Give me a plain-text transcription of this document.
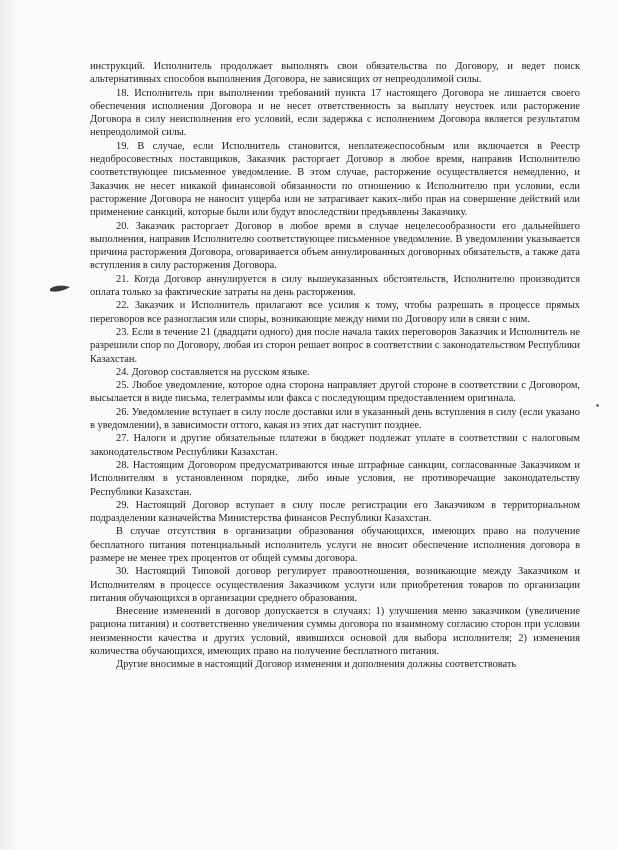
инструкций. Исполнитель продолжает выполнять свои обязательства по Договору, и ведет поиск альтернативных способов выполнения Договора, не зависящих от непреодолимой силы.

18. Исполнитель при выполнении требований пункта 17 настоящего Договора не лишается своего обеспечения исполнения Договора и не несет ответственность за выплату неустоек или расторжение Договора в силу неисполнения его условий, если задержка с исполнением Договора является результатом непреодолимой силы.

19. В случае, если Исполнитель становится, неплатежеспособным или включается в Реестр недобросовестных поставщиков, Заказчик расторгает Договор в любое время, направив Исполнителю соответствующее письменное уведомление. В этом случае, расторжение осуществляется немедленно, и Заказчик не несет никакой финансовой обязанности по отношению к Исполнителю при условии, если расторжение Договора не наносит ущерба или не затрагивает каких-либо прав на совершение действий или применение санкций, которые были или будут впоследствии предъявлены Заказчику.

20. Заказчик расторгает Договор в любое время в случае нецелесообразности его дальнейшего выполнения, направив Исполнителю соответствующее письменное уведомление. В уведомлении указывается причина расторжения Договора, оговаривается объем аннулированных договорных обязательств, а также дата вступления в силу расторжения Договора.

21. Когда Договор аннулируется в силу вышеуказанных обстоятельств, Исполнителю производится оплата только за фактические затраты на день расторжения.

22. Заказчик и Исполнитель прилагают все усилия к тому, чтобы разрешать в процессе прямых переговоров все разногласия или споры, возникающие между ними по Договору или в связи с ним.

23. Если в течение 21 (двадцати одного) дня после начала таких переговоров Заказчик и Исполнитель не разрешили спор по Договору, любая из сторон решает вопрос в соответствии с законодательством Республики Казахстан.

24. Договор составляется на русском языке.

25. Любое уведомление, которое одна сторона направляет другой стороне в соответствии с Договором, высылается в виде письма, телеграммы или факса с последующим предоставлением оригинала.

26. Уведомление вступает в силу после доставки или в указанный день вступления в силу (если указано в уведомлении), в зависимости оттого, какая из этих дат наступит позднее.

27. Налоги и другие обязательные платежи в бюджет подлежат уплате в соответствии с налоговым законодательством Республики Казахстан.

28. Настоящим Договором предусматриваются иные штрафные санкции, согласованные Заказчиком и Исполнителям в установленном порядке, либо иные условия, не противоречащие законодательству Республики Казахстан.

29. Настоящий Договор вступает в силу после регистрации его Заказчиком в территориальном подразделении казначейства Министерства финансов Республики Казахстан.

В случае отсутствия в организации образования обучающихся, имеющих право на получение бесплатного питания потенциальный исполнитель услуги не вносит обеспечение исполнения договора в размере не менее трех процентов от общей суммы договора.

30. Настоящий Типовой договор регулирует правоотношения, возникающие между Заказчиком и Исполнителям в процессе осуществления Заказчиком услуги или приобретения товаров по организации питания обучающихся в организации среднего образования.

Внесение изменений в договор допускается в случаях: 1) улучшения меню заказчиком (увеличение рациона питания) и соответственно увеличения суммы договора по взаимному согласию сторон при условии неизменности качества и других условий, явившихся основой для выбора исполнителя; 2) изменения количества обучающихся, имеющих право на получение бесплатного питания.

Другие вносимые в настоящий Договор изменения и дополнения должны соответствовать
